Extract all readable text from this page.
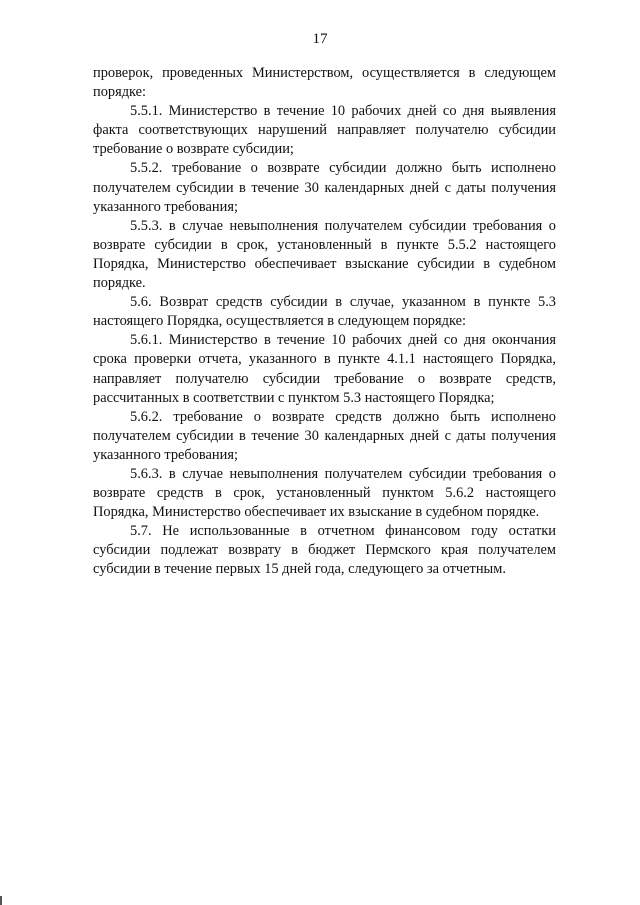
17

проверок, проведенных Министерством, осуществляется в следующем порядке:

5.5.1. Министерство в течение 10 рабочих дней со дня выявления факта соответствующих нарушений направляет получателю субсидии требование о возврате субсидии;

5.5.2. требование о возврате субсидии должно быть исполнено получателем субсидии в течение 30 календарных дней с даты получения указанного требования;

5.5.3. в случае невыполнения получателем субсидии требования о возврате субсидии в срок, установленный в пункте 5.5.2 настоящего Порядка, Министерство обеспечивает взыскание субсидии в судебном порядке.

5.6. Возврат средств субсидии в случае, указанном в пункте 5.3 настоящего Порядка, осуществляется в следующем порядке:

5.6.1. Министерство в течение 10 рабочих дней со дня окончания срока проверки отчета, указанного в пункте 4.1.1 настоящего Порядка, направляет получателю субсидии требование о возврате средств, рассчитанных в соответствии с пунктом 5.3 настоящего Порядка;

5.6.2. требование о возврате средств должно быть исполнено получателем субсидии в течение 30 календарных дней с даты получения указанного требования;

5.6.3. в случае невыполнения получателем субсидии требования о возврате средств в срок, установленный пунктом 5.6.2 настоящего Порядка, Министерство обеспечивает их взыскание в судебном порядке.

5.7. Не использованные в отчетном финансовом году остатки субсидии подлежат возврату в бюджет Пермского края получателем субсидии в течение первых 15 дней года, следующего за отчетным.
